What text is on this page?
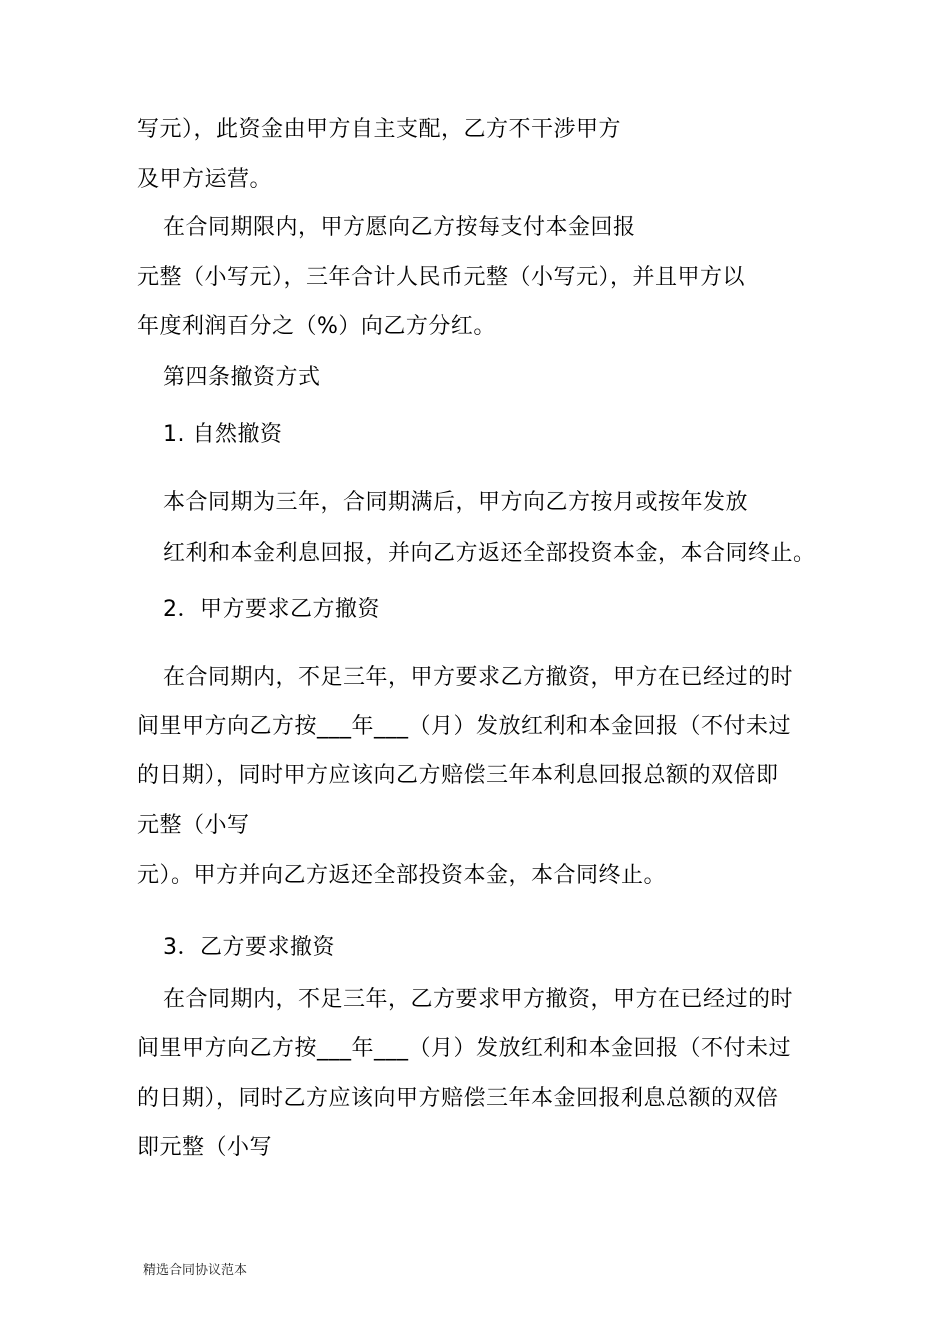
写元），此资金由甲方自主支配，乙方不干涉甲方
及甲方运营。
在合同期限内，甲方愿向乙方按每支付本金回报
元整（小写元），三年合计人民币元整（小写元），并且甲方以
年度利润百分之（%）向乙方分红。
第四条撤资方式
1. 自然撤资
本合同期为三年，合同期满后，甲方向乙方按月或按年发放
红利和本金利息回报，并向乙方返还全部投资本金，本合同终止。
2．甲方要求乙方撤资
在合同期内，不足三年，甲方要求乙方撤资，甲方在已经过的时
间里甲方向乙方按___年___（月）发放红利和本金回报（不付未过
的日期），同时甲方应该向乙方赔偿三年本利息回报总额的双倍即
元整（小写
元）。甲方并向乙方返还全部投资本金，本合同终止。
3．乙方要求撤资
在合同期内，不足三年，乙方要求甲方撤资，甲方在已经过的时
间里甲方向乙方按___年___（月）发放红利和本金回报（不付未过
的日期），同时乙方应该向甲方赔偿三年本金回报利息总额的双倍
即元整（小写
精选合同协议范本
